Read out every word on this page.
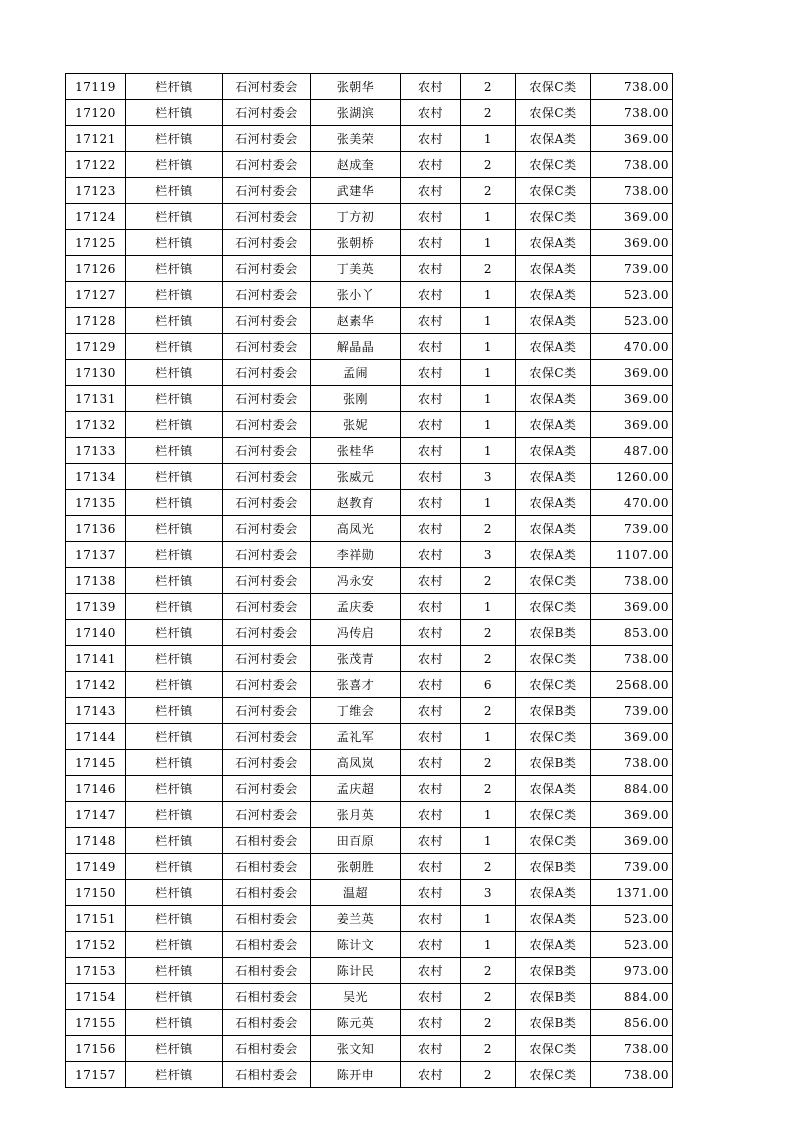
17119	栏杆镇	石河村委会	张朝华	农村	2	农保C类	738.00
17120	栏杆镇	石河村委会	张湖滨	农村	2	农保C类	738.00
17121	栏杆镇	石河村委会	张美荣	农村	1	农保A类	369.00
17122	栏杆镇	石河村委会	赵成奎	农村	2	农保C类	738.00
17123	栏杆镇	石河村委会	武建华	农村	2	农保C类	738.00
17124	栏杆镇	石河村委会	丁方初	农村	1	农保C类	369.00
17125	栏杆镇	石河村委会	张朝桥	农村	1	农保A类	369.00
17126	栏杆镇	石河村委会	丁美英	农村	2	农保A类	739.00
17127	栏杆镇	石河村委会	张小丫	农村	1	农保A类	523.00
17128	栏杆镇	石河村委会	赵素华	农村	1	农保A类	523.00
17129	栏杆镇	石河村委会	解晶晶	农村	1	农保A类	470.00
17130	栏杆镇	石河村委会	孟闹	农村	1	农保C类	369.00
17131	栏杆镇	石河村委会	张刚	农村	1	农保A类	369.00
17132	栏杆镇	石河村委会	张妮	农村	1	农保A类	369.00
17133	栏杆镇	石河村委会	张桂华	农村	1	农保A类	487.00
17134	栏杆镇	石河村委会	张威元	农村	3	农保A类	1260.00
17135	栏杆镇	石河村委会	赵教育	农村	1	农保A类	470.00
17136	栏杆镇	石河村委会	高凤光	农村	2	农保A类	739.00
17137	栏杆镇	石河村委会	李祥勋	农村	3	农保A类	1107.00
17138	栏杆镇	石河村委会	冯永安	农村	2	农保C类	738.00
17139	栏杆镇	石河村委会	孟庆委	农村	1	农保C类	369.00
17140	栏杆镇	石河村委会	冯传启	农村	2	农保B类	853.00
17141	栏杆镇	石河村委会	张茂青	农村	2	农保C类	738.00
17142	栏杆镇	石河村委会	张喜才	农村	6	农保C类	2568.00
17143	栏杆镇	石河村委会	丁维会	农村	2	农保B类	739.00
17144	栏杆镇	石河村委会	孟礼军	农村	1	农保C类	369.00
17145	栏杆镇	石河村委会	高凤岚	农村	2	农保B类	738.00
17146	栏杆镇	石河村委会	孟庆超	农村	2	农保A类	884.00
17147	栏杆镇	石河村委会	张月英	农村	1	农保C类	369.00
17148	栏杆镇	石相村委会	田百原	农村	1	农保C类	369.00
17149	栏杆镇	石相村委会	张朝胜	农村	2	农保B类	739.00
17150	栏杆镇	石相村委会	温超	农村	3	农保A类	1371.00
17151	栏杆镇	石相村委会	姜兰英	农村	1	农保A类	523.00
17152	栏杆镇	石相村委会	陈计文	农村	1	农保A类	523.00
17153	栏杆镇	石相村委会	陈计民	农村	2	农保B类	973.00
17154	栏杆镇	石相村委会	吴光	农村	2	农保B类	884.00
17155	栏杆镇	石相村委会	陈元英	农村	2	农保B类	856.00
17156	栏杆镇	石相村委会	张文知	农村	2	农保C类	738.00
17157	栏杆镇	石相村委会	陈开申	农村	2	农保C类	738.00
